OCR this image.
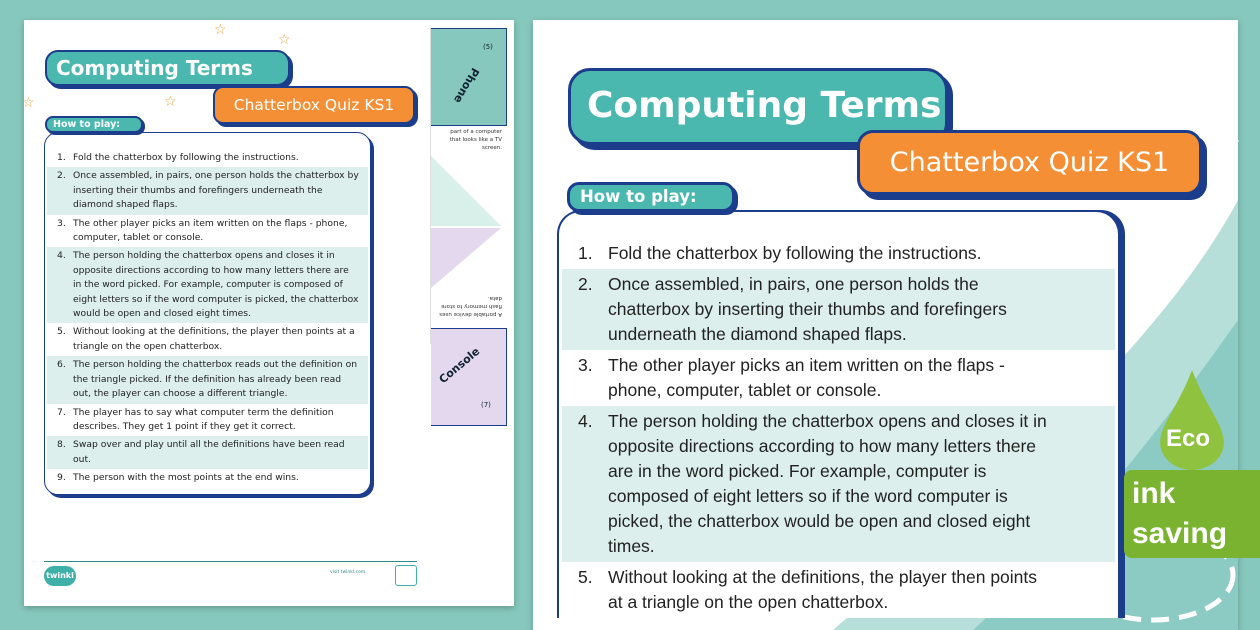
Phone
(5)
part of a computer that looks like a TV screen.
A portable device uses flash memory to store data.
Console
(7)
☆
☆
☆
☆
Computing Terms
Chatterbox Quiz KS1
How to play:
1. Fold the chatterbox by following the instructions.
2. Once assembled, in pairs, one person holds the chatterbox by inserting their thumbs and forefingers underneath the diamond shaped flaps.
3. The other player picks an item written on the flaps - phone, computer, tablet or console.
4. The person holding the chatterbox opens and closes it in opposite directions according to how many letters there are in the word picked. For example, computer is composed of eight letters so if the word computer is picked, the chatterbox would be open and closed eight times.
5. Without looking at the definitions, the player then points at a triangle on the open chatterbox.
6. The person holding the chatterbox reads out the definition on the triangle picked. If the definition has already been read out, the player can choose a different triangle.
7. The player has to say what computer term the definition describes. They get 1 point if they get it correct.
8. Swap over and play until all the definitions have been read out.
9. The person with the most points at the end wins.
twinkl	visit twinkl.com
Computing Terms
Chatterbox Quiz KS1
How to play:
1. Fold the chatterbox by following the instructions.
2. Once assembled, in pairs, one person holds the chatterbox by inserting their thumbs and forefingers underneath the diamond shaped flaps.
3. The other player picks an item written on the flaps - phone, computer, tablet or console.
4. The person holding the chatterbox opens and closes it in opposite directions according to how many letters there are in the word picked. For example, computer is composed of eight letters so if the word computer is picked, the chatterbox would be open and closed eight times.
5. Without looking at the definitions, the player then points at a triangle on the open chatterbox.
Eco
ink saving
